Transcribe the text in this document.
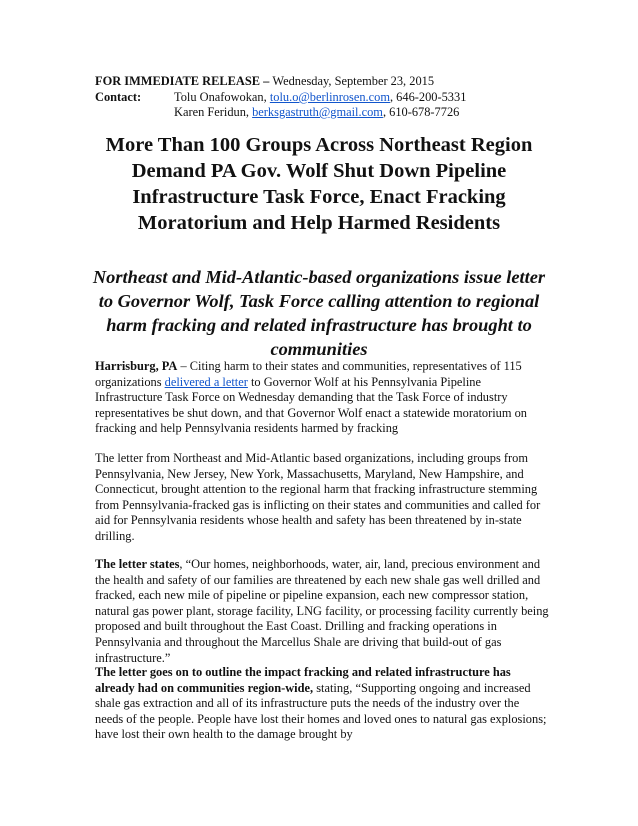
FOR IMMEDIATE RELEASE – Wednesday, September 23, 2015
Contact:	Tolu Onafowokan, tolu.o@berlinrosen.com, 646-200-5331
Karen Feridun, berksgastruth@gmail.com, 610-678-7726
More Than 100 Groups Across Northeast Region Demand PA Gov. Wolf Shut Down Pipeline Infrastructure Task Force, Enact Fracking Moratorium and Help Harmed Residents
Northeast and Mid-Atlantic-based organizations issue letter to Governor Wolf, Task Force calling attention to regional harm fracking and related infrastructure has brought to communities

Harrisburg, PA – Citing harm to their states and communities, representatives of 115 organizations delivered a letter to Governor Wolf at his Pennsylvania Pipeline Infrastructure Task Force on Wednesday demanding that the Task Force of industry representatives be shut down, and that Governor Wolf enact a statewide moratorium on fracking and help Pennsylvania residents harmed by fracking

The letter from Northeast and Mid-Atlantic based organizations, including groups from Pennsylvania, New Jersey, New York, Massachusetts, Maryland, New Hampshire, and Connecticut, brought attention to the regional harm that fracking infrastructure stemming from Pennsylvania-fracked gas is inflicting on their states and communities and called for aid for Pennsylvania residents whose health and safety has been threatened by in-state drilling.

The letter states, “Our homes, neighborhoods, water, air, land, precious environment and the health and safety of our families are threatened by each new shale gas well drilled and fracked, each new mile of pipeline or pipeline expansion, each new compressor station, natural gas power plant, storage facility, LNG facility, or processing facility currently being proposed and built throughout the East Coast. Drilling and fracking operations in Pennsylvania and throughout the Marcellus Shale are driving that build-out of gas infrastructure.”

The letter goes on to outline the impact fracking and related infrastructure has already had on communities region-wide, stating, “Supporting ongoing and increased shale gas extraction and all of its infrastructure puts the needs of the industry over the needs of the people. People have lost their homes and loved ones to natural gas explosions; have lost their own health to the damage brought by
